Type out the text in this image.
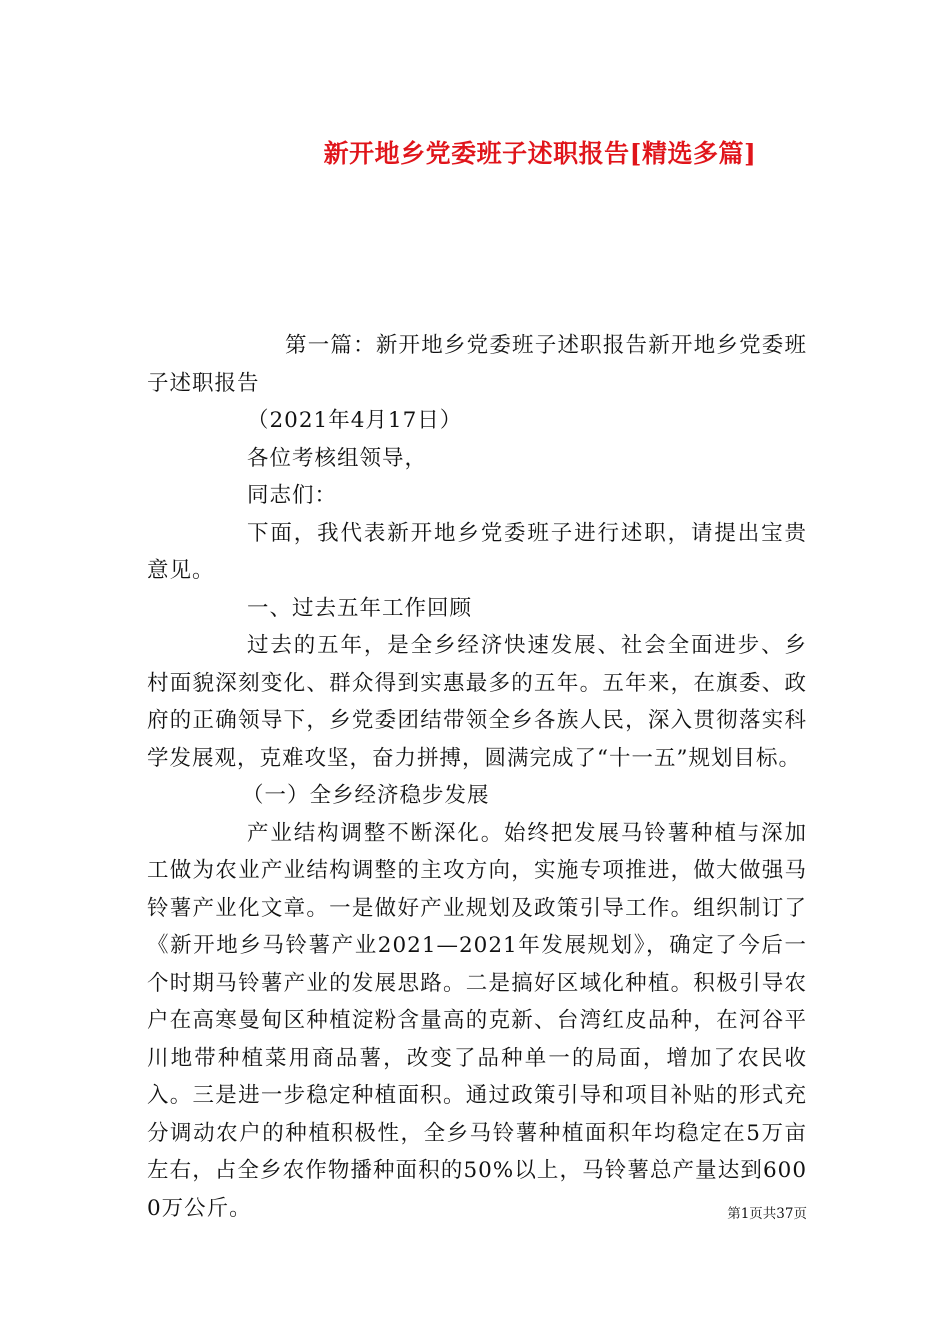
新开地乡党委班子述职报告[精选多篇]

第一篇：新开地乡党委班子述职报告新开地乡党委班子述职报告

（2021年4月17日）

各位考核组领导，

同志们：

下面，我代表新开地乡党委班子进行述职，请提出宝贵意见。

一、过去五年工作回顾

过去的五年，是全乡经济快速发展、社会全面进步、乡村面貌深刻变化、群众得到实惠最多的五年。五年来，在旗委、政府的正确领导下，乡党委团结带领全乡各族人民，深入贯彻落实科学发展观，克难攻坚，奋力拼搏，圆满完成了“十一五”规划目标。

（一）全乡经济稳步发展

产业结构调整不断深化。始终把发展马铃薯种植与深加工做为农业产业结构调整的主攻方向，实施专项推进，做大做强马铃薯产业化文章。一是做好产业规划及政策引导工作。组织制订了《新开地乡马铃薯产业2021—2021年发展规划》，确定了今后一个时期马铃薯产业的发展思路。二是搞好区域化种植。积极引导农户在高寒曼甸区种植淀粉含量高的克新、台湾红皮品种，在河谷平川地带种植菜用商品薯，改变了品种单一的局面，增加了农民收入。三是进一步稳定种植面积。通过政策引导和项目补贴的形式充分调动农户的种植积极性，全乡马铃薯种植面积年均稳定在5万亩左右，占全乡农作物播种面积的50%以上，马铃薯总产量达到6000万公斤。	第1页共37页
